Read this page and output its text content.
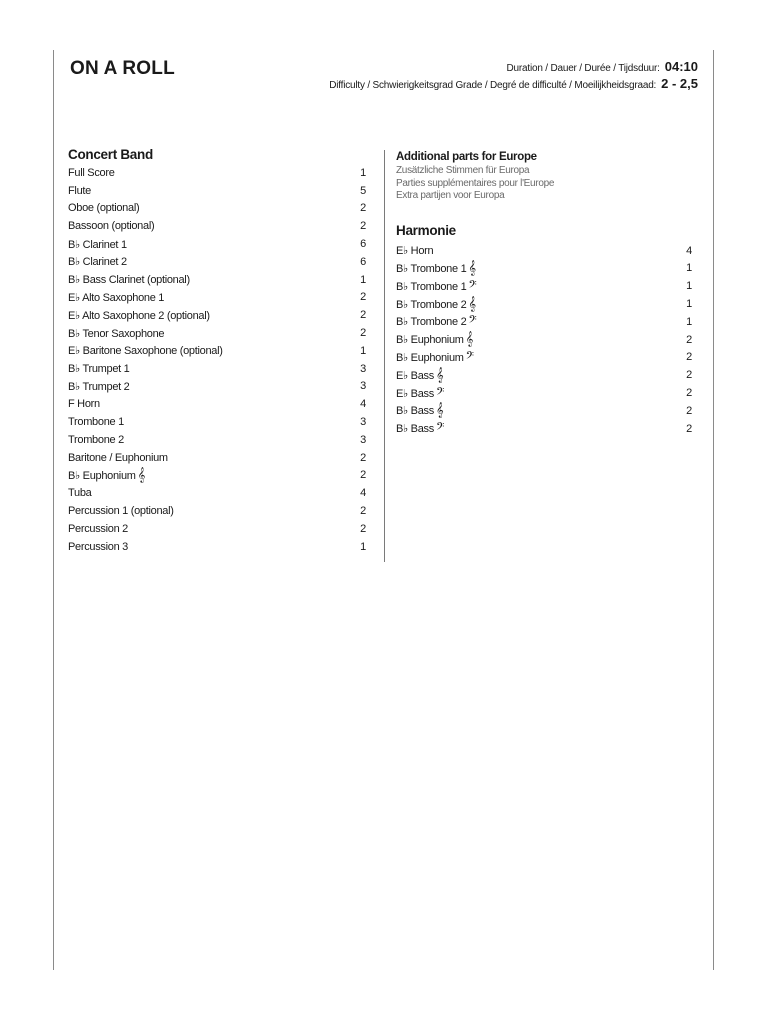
ON A ROLL	Duration / Dauer / Durée / Tijdsduur: 04:10
Difficulty / Schwierigkeitsgrad Grade / Degré de difficulté / Moeilijkheidsgraad: 2 - 2,5
Concert Band
Full Score	1
Flute	5
Oboe (optional)	2
Bassoon (optional)	2
B♭ Clarinet 1	6
B♭ Clarinet 2	6
B♭ Bass Clarinet (optional)	1
E♭ Alto Saxophone 1	2
E♭ Alto Saxophone 2 (optional)	2
B♭ Tenor Saxophone	2
E♭ Baritone Saxophone (optional)	1
B♭ Trumpet 1	3
B♭ Trumpet 2	3
F Horn	4
Trombone 1	3
Trombone 2	3
Baritone / Euphonium	2
B♭ Euphonium 𝄞	2
Tuba	4
Percussion 1 (optional)	2
Percussion 2	2
Percussion 3	1
Additional parts for Europe
Zusätzliche Stimmen für Europa
Parties supplémentaires pour l'Europe
Extra partijen voor Europa
Harmonie
E♭ Horn	4
B♭ Trombone 1 𝄞	1
B♭ Trombone 1 𝄢	1
B♭ Trombone 2 𝄞	1
B♭ Trombone 2 𝄢	1
B♭ Euphonium 𝄞	2
B♭ Euphonium 𝄢	2
E♭ Bass 𝄞	2
E♭ Bass 𝄢	2
B♭ Bass 𝄞	2
B♭ Bass 𝄢	2
